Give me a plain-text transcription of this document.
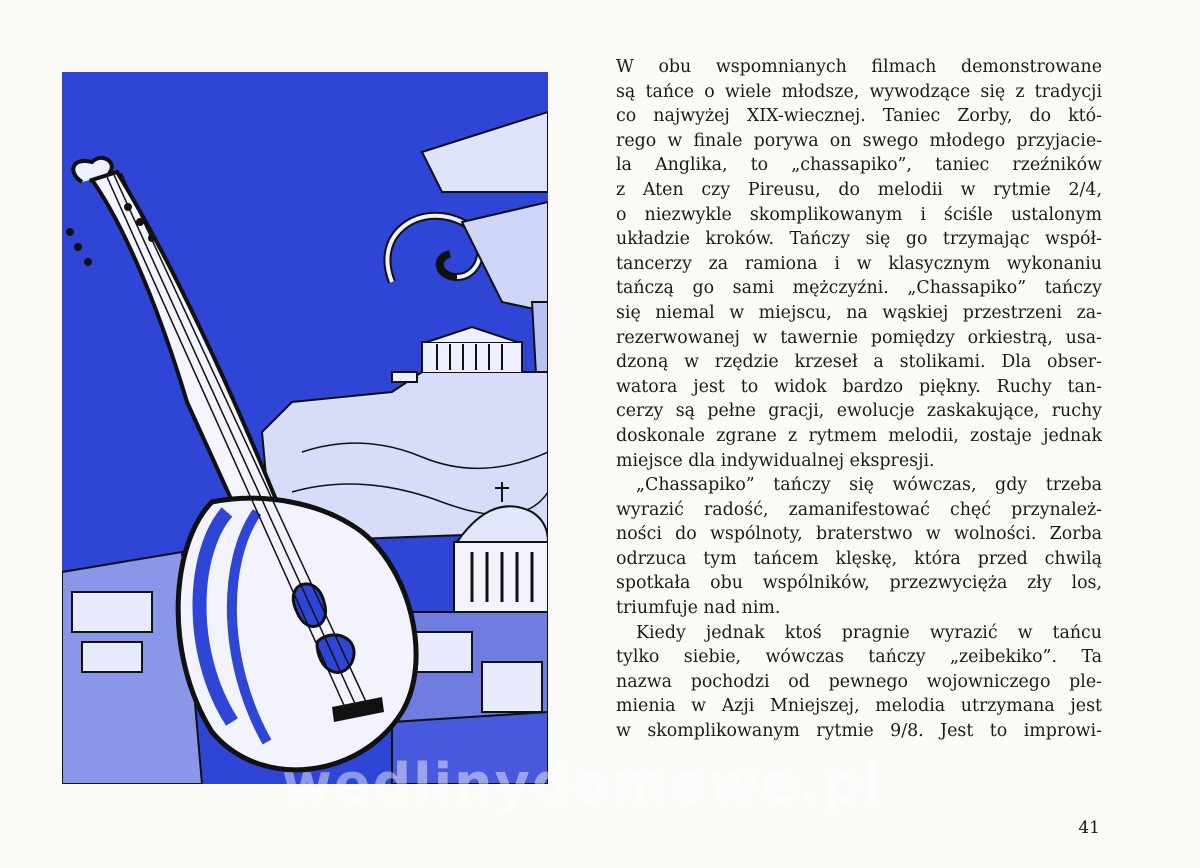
W obu wspomnianych filmach demonstrowane
są tańce o wiele młodsze, wywodzące się z tradycji
co najwyżej XIX-wiecznej. Taniec Zorby, do któ-
rego w finale porywa on swego młodego przyjacie-
la Anglika, to „chassapiko”, taniec rzeźników
z Aten czy Pireusu, do melodii w rytmie 2/4,
o niezwykle skomplikowanym i ściśle ustalonym
układzie kroków. Tańczy się go trzymając współ-
tancerzy za ramiona i w klasycznym wykonaniu
tańczą go sami mężczyźni. „Chassapiko” tańczy
się niemal w miejscu, na wąskiej przestrzeni za-
rezerwowanej w tawernie pomiędzy orkiestrą, usa-
dzoną w rzędzie krzeseł a stolikami. Dla obser-
watora jest to widok bardzo piękny. Ruchy tan-
cerzy są pełne gracji, ewolucje zaskakujące, ruchy
doskonale zgrane z rytmem melodii, zostaje jednak
miejsce dla indywidualnej ekspresji.

„Chassapiko” tańczy się wówczas, gdy trzeba
wyrazić radość, zamanifestować chęć przynależ-
ności do wspólnoty, braterstwo w wolności. Zorba
odrzuca tym tańcem klęskę, która przed chwilą
spotkała obu wspólników, przezwycięża zły los,
triumfuje nad nim.

Kiedy jednak ktoś pragnie wyrazić w tańcu
tylko siebie, wówczas tańczy „zeibekiko”. Ta
nazwa pochodzi od pewnego wojowniczego ple-
mienia w Azji Mniejszej, melodia utrzymana jest
w skomplikowanym rytmie 9/8. Jest to improwi-

wedlinydomowe.pl
41
